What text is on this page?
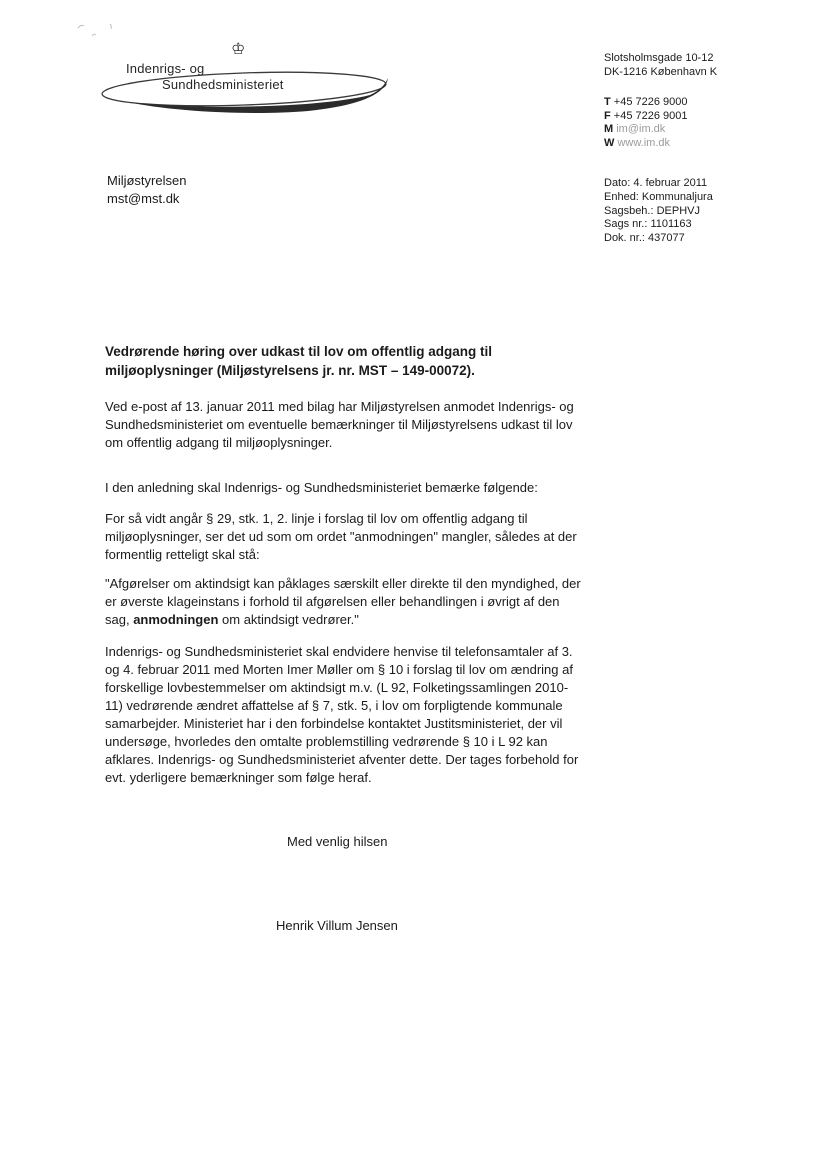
♔
Indenrigs- og
Sundhedsministeriet
Slotsholmsgade 10-12
DK-1216 København K
T +45 7226 9000
F +45 7226 9001
M im@im.dk
W www.im.dk
Dato: 4. februar 2011
Enhed: Kommunaljura
Sagsbeh.: DEPHVJ
Sags nr.: 1101163
Dok. nr.: 437077
Miljøstyrelsen
mst@mst.dk
Vedrørende høring over udkast til lov om offentlig adgang til miljøoplysninger (Miljøstyrelsens jr. nr. MST – 149-00072).
Ved e-post af 13. januar 2011 med bilag har Miljøstyrelsen anmodet Indenrigs- og Sundhedsministeriet om eventuelle bemærkninger til Miljøstyrelsens udkast til lov om offentlig adgang til miljøoplysninger.
I den anledning skal Indenrigs- og Sundhedsministeriet bemærke følgende:
For så vidt angår § 29, stk. 1, 2. linje i forslag til lov om offentlig adgang til miljøoplysninger, ser det ud som om ordet "anmodningen" mangler, således at der formentlig retteligt skal stå:
"Afgørelser om aktindsigt kan påklages særskilt eller direkte til den myndighed, der er øverste klageinstans i forhold til afgørelsen eller behandlingen i øvrigt af den sag, anmodningen om aktindsigt vedrører."
Indenrigs- og Sundhedsministeriet skal endvidere henvise til telefonsamtaler af 3. og 4. februar 2011 med Morten Imer Møller om § 10 i forslag til lov om ændring af forskellige lovbestemmelser om aktindsigt m.v. (L 92, Folketingssamlingen 2010-11) vedrørende ændret affattelse af § 7, stk. 5, i lov om forpligtende kommunale samarbejder. Ministeriet har i den forbindelse kontaktet Justitsministeriet, der vil undersøge, hvorledes den omtalte problemstilling vedrørende § 10 i L 92 kan afklares. Indenrigs- og Sundhedsministeriet afventer dette. Der tages forbehold for evt. yderligere bemærkninger som følge heraf.
Med venlig hilsen
Henrik Villum Jensen
